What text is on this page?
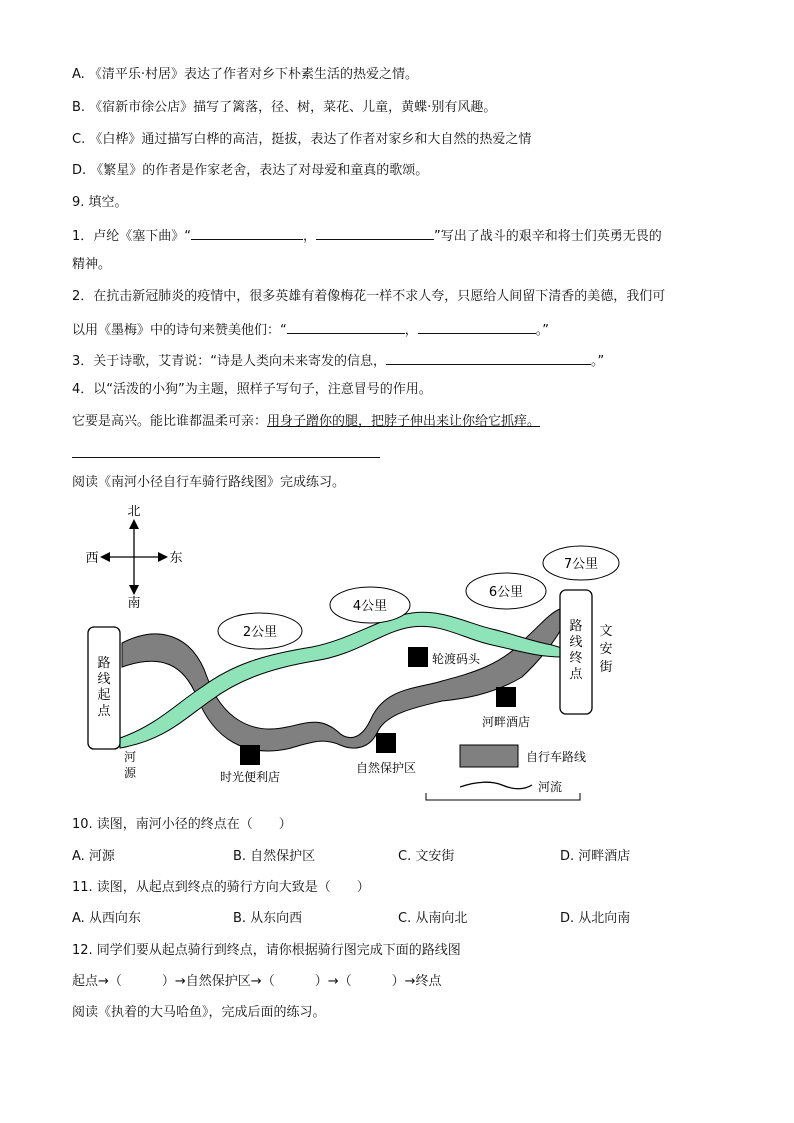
A. 《清平乐·村居》表达了作者对乡下朴素生活的热爱之情。
B. 《宿新市徐公店》描写了篱落，径、树，菜花、儿童，黄蝶·别有风趣。
C. 《白桦》通过描写白桦的高洁，挺拔，表达了作者对家乡和大自然的热爱之情
D. 《繁星》的作者是作家老舍，表达了对母爱和童真的歌颂。
9. 填空。
1．卢纶《塞下曲》“	，	”写出了战斗的艰辛和将士们英勇无畏的
精神。
2．在抗击新冠肺炎的疫情中，很多英雄有着像梅花一样不求人夸，只愿给人间留下清香的美德，我们可
以用《墨梅》中的诗句来赞美他们：“	，	。”
3．关于诗歌，艾青说：“诗是人类向未来寄发的信息，	。”
4．以“活泼的小狗”为主题，照样子写句子，注意冒号的作用。
它要是高兴。能比谁都温柔可亲：用身子蹭你的腿，把脖子伸出来让你给它抓痒。
阅读《南河小径自行车骑行路线图》完成练习。
北
南
西	东
路
线
起
点
路
线
终
点
文
安
街
2公里
4公里
6公里
7公里
轮渡码头
河畔酒店
时光便利店
自然保护区
河
源
自行车路线
河流
10. 读图，南河小径的终点在（　　）
A. 河源	B. 自然保护区	C. 文安街	D. 河畔酒店
11. 读图，从起点到终点的骑行方向大致是（　　）
A. 从西向东	B. 从东向西	C. 从南向北	D. 从北向南
12. 同学们要从起点骑行到终点，请你根据骑行图完成下面的路线图
起点→（	）→自然保护区→（	）→（	）→终点
阅读《执着的大马哈鱼》，完成后面的练习。
